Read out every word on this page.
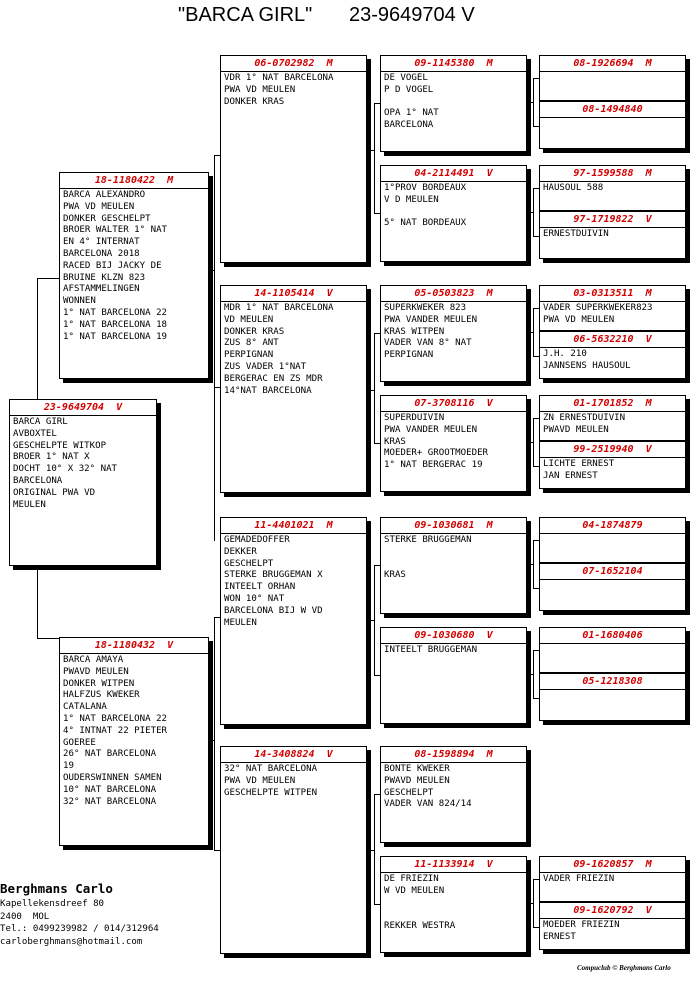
"BARCA GIRL" 23-9649704 V
23-9649704  V
BARCA GIRL
AVBOXTEL
GESCHELPTE WITKOP
BROER 1° NAT X
DOCHT 10° X 32° NAT
BARCELONA
ORIGINAL PWA VD
MEULEN
18-1180422  M
BARCA ALEXANDRO
PWA VD MEULEN
DONKER GESCHELPT
BROER WALTER 1° NAT
EN 4° INTERNAT
BARCELONA 2018
RACED BIJ JACKY DE
BRUINE KLZN 823
AFSTAMMELINGEN
WONNEN
1° NAT BARCELONA 22
1° NAT BARCELONA 18
1° NAT BARCELONA 19
18-1180432  V
BARCA AMAYA
PWAVD MEULEN
DONKER WITPEN
HALFZUS KWEKER
CATALANA
1° NAT BARCELONA 22
4° INTNAT 22 PIETER
GOEREE
26° NAT BARCELONA
19
OUDERSWINNEN SAMEN
10° NAT BARCELONA
32° NAT BARCELONA
06-0702982  M
VDR 1° NAT BARCELONA
PWA VD MEULEN
DONKER KRAS
14-1105414  V
MDR 1° NAT BARCELONA
VD MEULEN
DONKER KRAS
ZUS 8° ANT
PERPIGNAN
ZUS VADER 1°NAT
BERGERAC EN ZS MDR
14°NAT BARCELONA
11-4401021  M
GEMADEDOFFER
DEKKER
GESCHELPT
STERKE BRUGGEMAN X
INTEELT ORHAN
WON 10° NAT
BARCELONA BIJ W VD
MEULEN
14-3408824  V
32° NAT BARCELONA
PWA VD MEULEN
GESCHELPTE WITPEN
09-1145380  M
DE VOGEL
P D VOGEL
OPA 1° NAT
BARCELONA
04-2114491  V
1°PROV BORDEAUX
V D MEULEN
5° NAT BORDEAUX
05-0503823  M
SUPERKWEKER 823
PWA VANDER MEULEN
KRAS WITPEN
VADER VAN 8° NAT
PERPIGNAN
07-3708116  V
SUPERDUIVIN
PWA VANDER MEULEN
KRAS
MOEDER+ GROOTMOEDER
1° NAT BERGERAC 19
09-1030681  M
STERKE BRUGGEMAN
KRAS
09-1030680  V
INTEELT BRUGGEMAN
08-1598894  M
BONTE KWEKER
PWAVD MEULEN
GESCHELPT
VADER VAN 824/14
11-1133914  V
DE FRIEZIN
W VD MEULEN
REKKER WESTRA
08-1926694  M
08-1494840
97-1599588  M
HAUSOUL 588
97-1719822  V
ERNESTDUIVIN
03-0313511  M
VADER SUPERKWEKER823
PWA VD MEULEN
06-5632210  V
J.H. 210
JANNSENS HAUSOUL
01-1701852  M
ZN ERNESTDUIVIN
PWAVD MEULEN
99-2519940  V
LICHTE ERNEST
JAN ERNEST
04-1874879
07-1652104
01-1680406
05-1218308
09-1620857  M
VADER FRIEZIN
09-1620792  V
MOEDER FRIEZIN
ERNEST
Berghmans Carlo
Kapellekensdreef 80
2400  MOL
Tel.: 0499239982 / 014/312964
carloberghmans@hotmail.com
Compuclub © Berghmans Carlo
